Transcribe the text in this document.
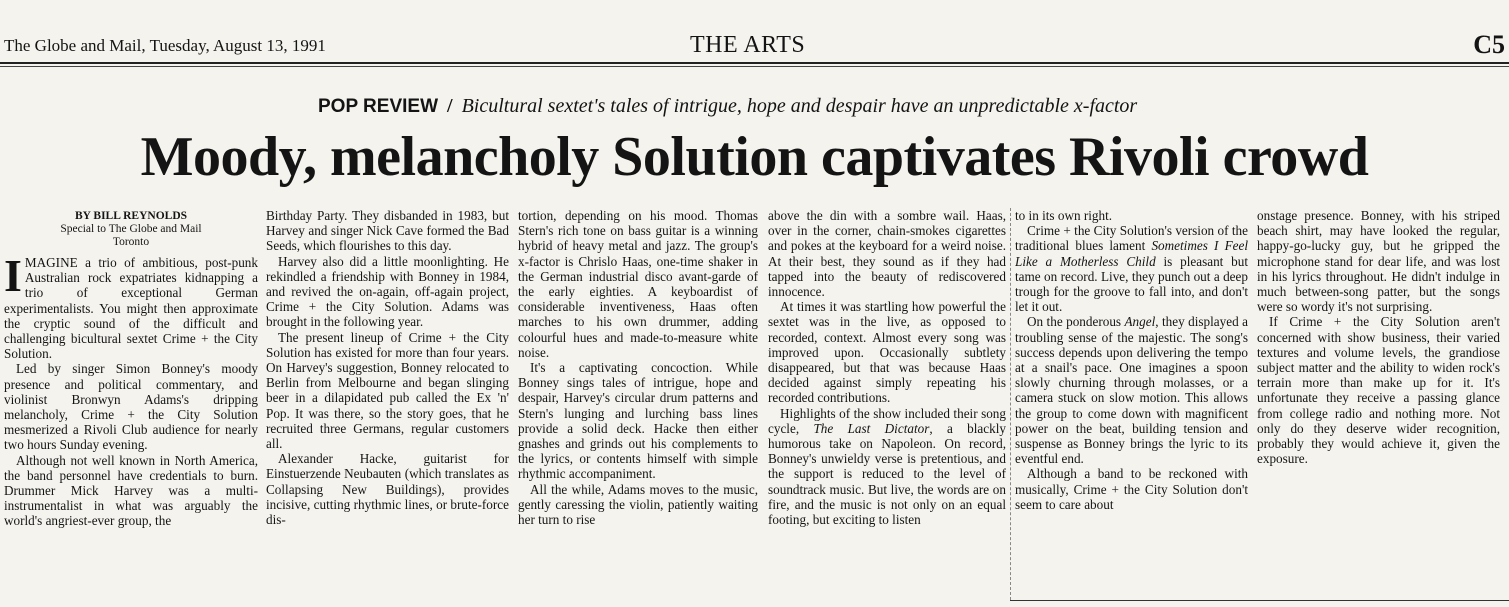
The Globe and Mail, Tuesday, August 13, 1991	THE ARTS	C5
POP REVIEW / Bicultural sextet's tales of intrigue, hope and despair have an unpredictable x-factor
Moody, melancholy Solution captivates Rivoli crowd
BY BILL REYNOLDS
Special to The Globe and Mail
Toronto

IMAGINE a trio of ambitious, post-punk Australian rock expatriates kidnapping a trio of exceptional German experimentalists. You might then approximate the cryptic sound of the difficult and challenging bicultural sextet Crime + the City Solution.

Led by singer Simon Bonney's moody presence and political commentary, and violinist Bronwyn Adams's dripping melancholy, Crime + the City Solution mesmerized a Rivoli Club audience for nearly two hours Sunday evening.

Although not well known in North America, the band personnel have credentials to burn. Drummer Mick Harvey was a multi-instrumentalist in what was arguably the world's angriest-ever group, the

Birthday Party. They disbanded in 1983, but Harvey and singer Nick Cave formed the Bad Seeds, which flourishes to this day.

Harvey also did a little moonlighting. He rekindled a friendship with Bonney in 1984, and revived the on-again, off-again project, Crime + the City Solution. Adams was brought in the following year.

The present lineup of Crime + the City Solution has existed for more than four years. On Harvey's suggestion, Bonney relocated to Berlin from Melbourne and began slinging beer in a dilapidated pub called the Ex 'n' Pop. It was there, so the story goes, that he recruited three Germans, regular customers all.

Alexander Hacke, guitarist for Einstuerzende Neubauten (which translates as Collapsing New Buildings), provides incisive, cutting rhythmic lines, or brute-force dis-

tortion, depending on his mood. Thomas Stern's rich tone on bass guitar is a winning hybrid of heavy metal and jazz. The group's x-factor is Chrislo Haas, one-time shaker in the German industrial disco avant-garde of the early eighties. A keyboardist of considerable inventiveness, Haas often marches to his own drummer, adding colourful hues and made-to-measure white noise.

It's a captivating concoction. While Bonney sings tales of intrigue, hope and despair, Harvey's circular drum patterns and Stern's lunging and lurching bass lines provide a solid deck. Hacke then either gnashes and grinds out his complements to the lyrics, or contents himself with simple rhythmic accompaniment.

All the while, Adams moves to the music, gently caressing the violin, patiently waiting her turn to rise

above the din with a sombre wail. Haas, over in the corner, chain-smokes cigarettes and pokes at the keyboard for a weird noise. At their best, they sound as if they had tapped into the beauty of rediscovered innocence.

At times it was startling how powerful the sextet was in the live, as opposed to recorded, context. Almost every song was improved upon. Occasionally subtlety disappeared, but that was because Haas decided against simply repeating his recorded contributions.

Highlights of the show included their song cycle, The Last Dictator, a blackly humorous take on Napoleon. On record, Bonney's unwieldy verse is pretentious, and the support is reduced to the level of soundtrack music. But live, the words are on fire, and the music is not only on an equal footing, but exciting to listen

to in its own right.

Crime + the City Solution's version of the traditional blues lament Sometimes I Feel Like a Motherless Child is pleasant but tame on record. Live, they punch out a deep trough for the groove to fall into, and don't let it out.

On the ponderous Angel, they displayed a troubling sense of the majestic. The song's success depends upon delivering the tempo at a snail's pace. One imagines a spoon slowly churning through molasses, or a camera stuck on slow motion. This allows the group to come down with magnificent power on the beat, building tension and suspense as Bonney brings the lyric to its eventful end.

Although a band to be reckoned with musically, Crime + the City Solution don't seem to care about

onstage presence. Bonney, with his striped beach shirt, may have looked the regular, happy-go-lucky guy, but he gripped the microphone stand for dear life, and was lost in his lyrics throughout. He didn't indulge in much between-song patter, but the songs were so wordy it's not surprising.

If Crime + the City Solution aren't concerned with show business, their varied textures and volume levels, the grandiose subject matter and the ability to widen rock's terrain more than make up for it. It's unfortunate they receive a passing glance from college radio and nothing more. Not only do they deserve wider recognition, probably they would achieve it, given the exposure.
